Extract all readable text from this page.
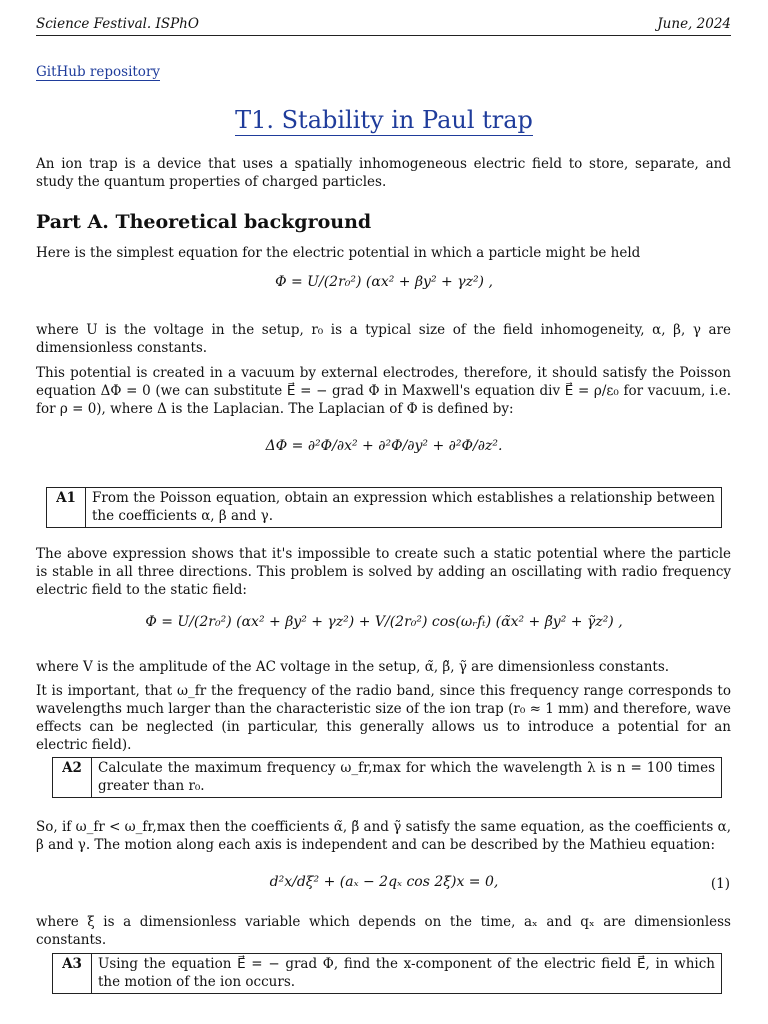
Science Festival. ISPhO	June, 2024
GitHub repository
T1. Stability in Paul trap
An ion trap is a device that uses a spatially inhomogeneous electric field to store, separate, and study the quantum properties of charged particles.
Part A. Theoretical background
Here is the simplest equation for the electric potential in which a particle might be held
Φ = U/(2r₀²) (αx² + βy² + γz²) ,
where U is the voltage in the setup, r₀ is a typical size of the field inhomogeneity, α, β, γ are dimensionless constants.
This potential is created in a vacuum by external electrodes, therefore, it should satisfy the Poisson equation ΔΦ = 0 (we can substitute E⃗ = − grad Φ in Maxwell's equation div E⃗ = ρ/ε₀ for vacuum, i.e. for ρ = 0), where Δ is the Laplacian. The Laplacian of Φ is defined by:
ΔΦ = ∂²Φ/∂x² + ∂²Φ/∂y² + ∂²Φ/∂z².
A1	From the Poisson equation, obtain an expression which establishes a relationship between the coefficients α, β and γ.
The above expression shows that it's impossible to create such a static potential where the particle is stable in all three directions. This problem is solved by adding an oscillating with radio frequency electric field to the static field:
Φ = U/(2r₀²) (αx² + βy² + γz²) + V/(2r₀²) cos(ωᵣfₜ) (α̃x² + β̃y² + γ̃z²) ,
where V is the amplitude of the AC voltage in the setup, α̃, β̃, γ̃ are dimensionless constants.
It is important, that ω_fr the frequency of the radio band, since this frequency range corresponds to wavelengths much larger than the characteristic size of the ion trap (r₀ ≈ 1 mm) and therefore, wave effects can be neglected (in particular, this generally allows us to introduce a potential for an electric field).
A2	Calculate the maximum frequency ω_fr,max for which the wavelength λ is n = 100 times greater than r₀.
So, if ω_fr < ω_fr,max then the coefficients α̃, β̃ and γ̃ satisfy the same equation, as the coefficients α, β and γ. The motion along each axis is independent and can be described by the Mathieu equation:
d²x/dξ² + (aₓ − 2qₓ cos 2ξ)x = 0,	(1)
where ξ is a dimensionless variable which depends on the time, aₓ and qₓ are dimensionless constants.
A3	Using the equation E⃗ = − grad Φ, find the x-component of the electric field E⃗, in which the motion of the ion occurs.
